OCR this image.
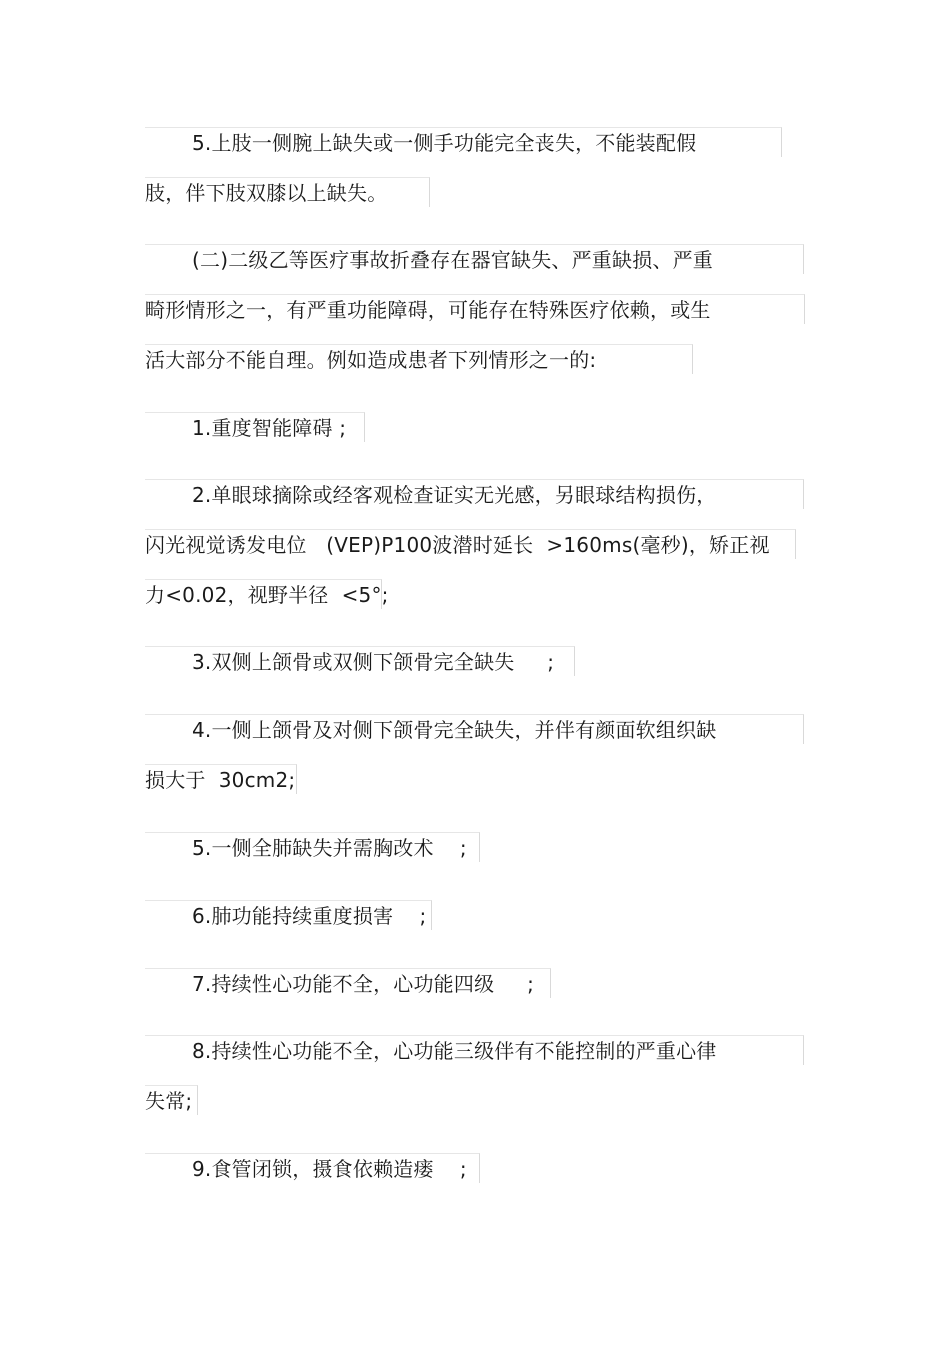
5.上肢一侧腕上缺失或一侧手功能完全丧失，不能装配假
肢，伴下肢双膝以上缺失。
(二)二级乙等医疗事故折叠存在器官缺失、严重缺损、严重
畸形情形之一，有严重功能障碍，可能存在特殊医疗依赖，或生
活大部分不能自理。例如造成患者下列情形之一的:
1.重度智能障碍 ;
2.单眼球摘除或经客观检查证实无光感，另眼球结构损伤，
闪光视觉诱发电位   (VEP)P100波潜时延长  >160ms(毫秒)，矫正视
力<0.02，视野半径  <5°;
3.双侧上颌骨或双侧下颌骨完全缺失     ;
4.一侧上颌骨及对侧下颌骨完全缺失，并伴有颜面软组织缺
损大于  30cm2;
5.一侧全肺缺失并需胸改术    ;
6.肺功能持续重度损害    ;
7.持续性心功能不全，心功能四级     ;
8.持续性心功能不全，心功能三级伴有不能控制的严重心律
失常;
9.食管闭锁，摄食依赖造瘘    ;
